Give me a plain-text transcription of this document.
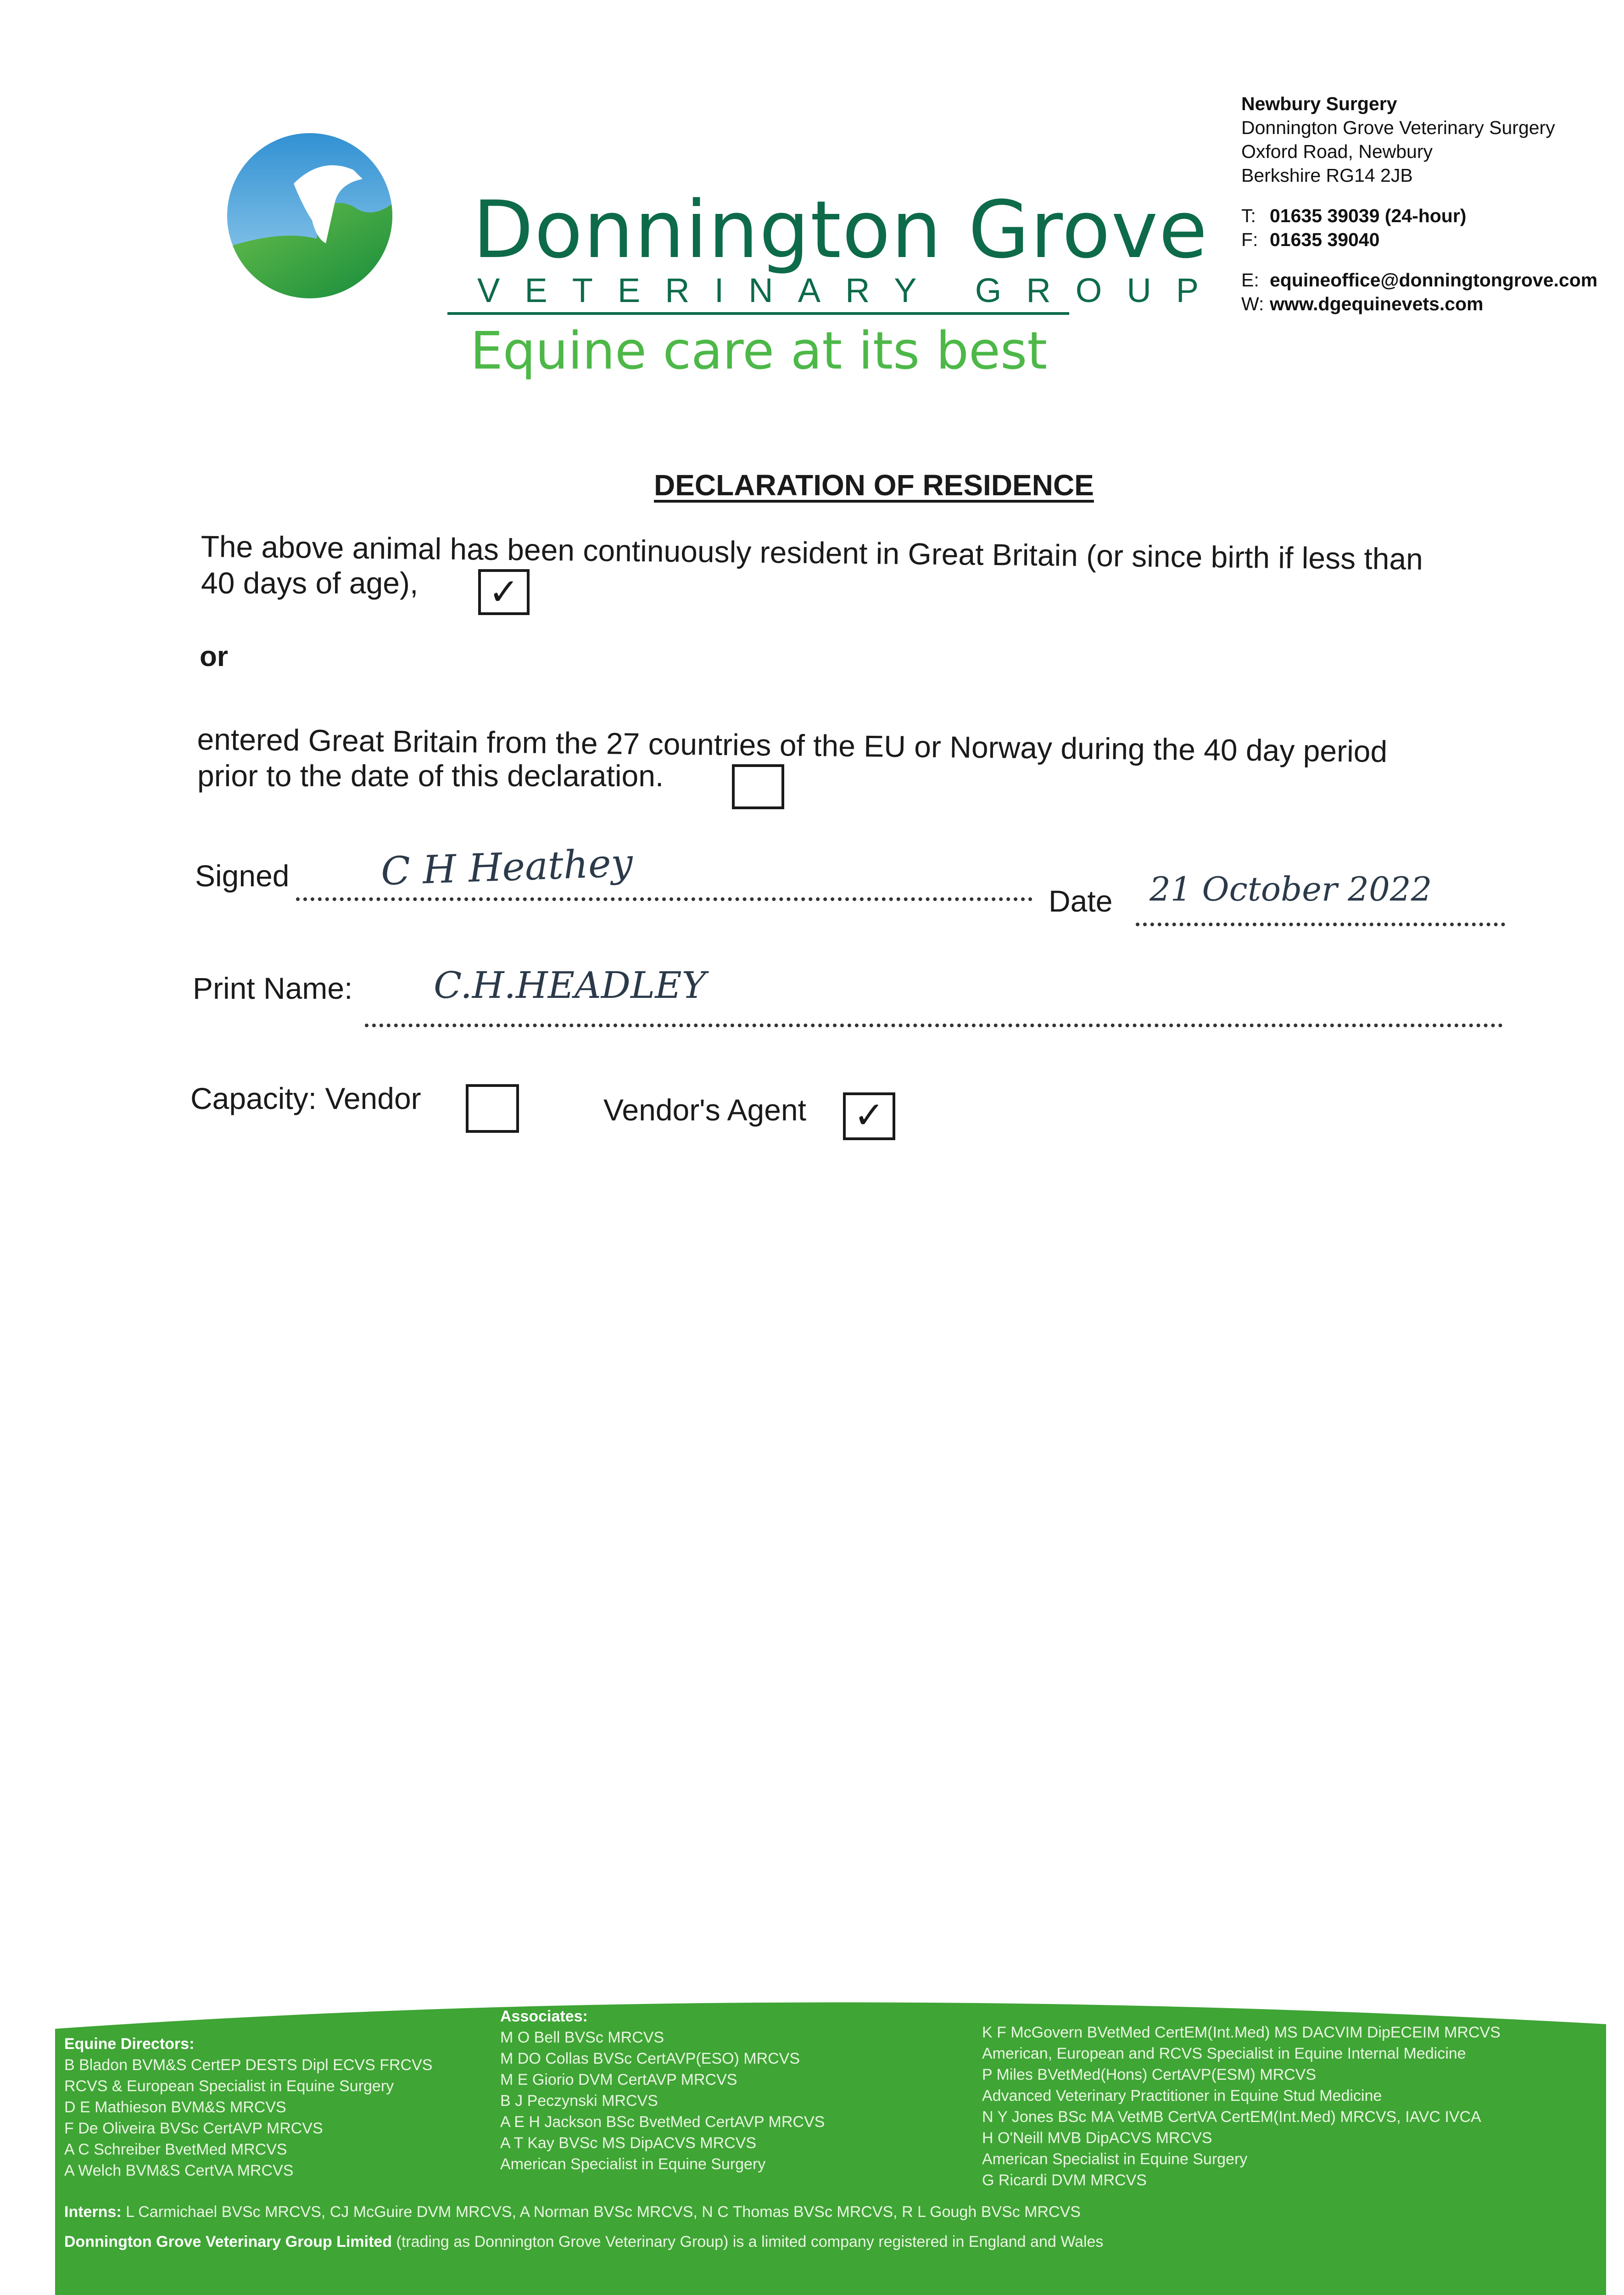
Donnington Grove
VETERINARY GROUP
Equine care at its best
Newbury Surgery
Donnington Grove Veterinary Surgery
Oxford Road, Newbury
Berkshire RG14 2JB
T: 01635 39039 (24-hour)
F: 01635 39040
E: equineoffice@donningtongrove.com
W: www.dgequinevets.com
DECLARATION OF RESIDENCE
The above animal has been continuously resident in Great Britain (or since birth if less than
40 days of age), ✓
or
entered Great Britain from the 27 countries of the EU or Norway during the 40 day period
prior to the date of this declaration.
Signed C H Heathey
Date 21 October 2022
Print Name: C.H.HEADLEY
Capacity: Vendor	Vendor's Agent ✓
Equine Directors:
B Bladon BVM&S CertEP DESTS Dipl ECVS FRCVS
RCVS & European Specialist in Equine Surgery
D E Mathieson BVM&S MRCVS
F De Oliveira BVSc CertAVP MRCVS
A C Schreiber BvetMed MRCVS
A Welch BVM&S CertVA MRCVS
Associates:
M O Bell BVSc MRCVS
M DO Collas BVSc CertAVP(ESO) MRCVS
M E Giorio DVM CertAVP MRCVS
B J Peczynski MRCVS
A E H Jackson BSc BvetMed CertAVP MRCVS
A T Kay BVSc MS DipACVS MRCVS
American Specialist in Equine Surgery
K F McGovern BVetMed CertEM(Int.Med) MS DACVIM DipECEIM MRCVS
American, European and RCVS Specialist in Equine Internal Medicine
P Miles BVetMed(Hons) CertAVP(ESM) MRCVS
Advanced Veterinary Practitioner in Equine Stud Medicine
N Y Jones BSc MA VetMB CertVA CertEM(Int.Med) MRCVS, IAVC IVCA
H O'Neill MVB DipACVS MRCVS
American Specialist in Equine Surgery
G Ricardi DVM MRCVS
Interns: L Carmichael BVSc MRCVS, CJ McGuire DVM MRCVS, A Norman BVSc MRCVS, N C Thomas BVSc MRCVS, R L Gough BVSc MRCVS
Donnington Grove Veterinary Group Limited (trading as Donnington Grove Veterinary Group) is a limited company registered in England and Wales
